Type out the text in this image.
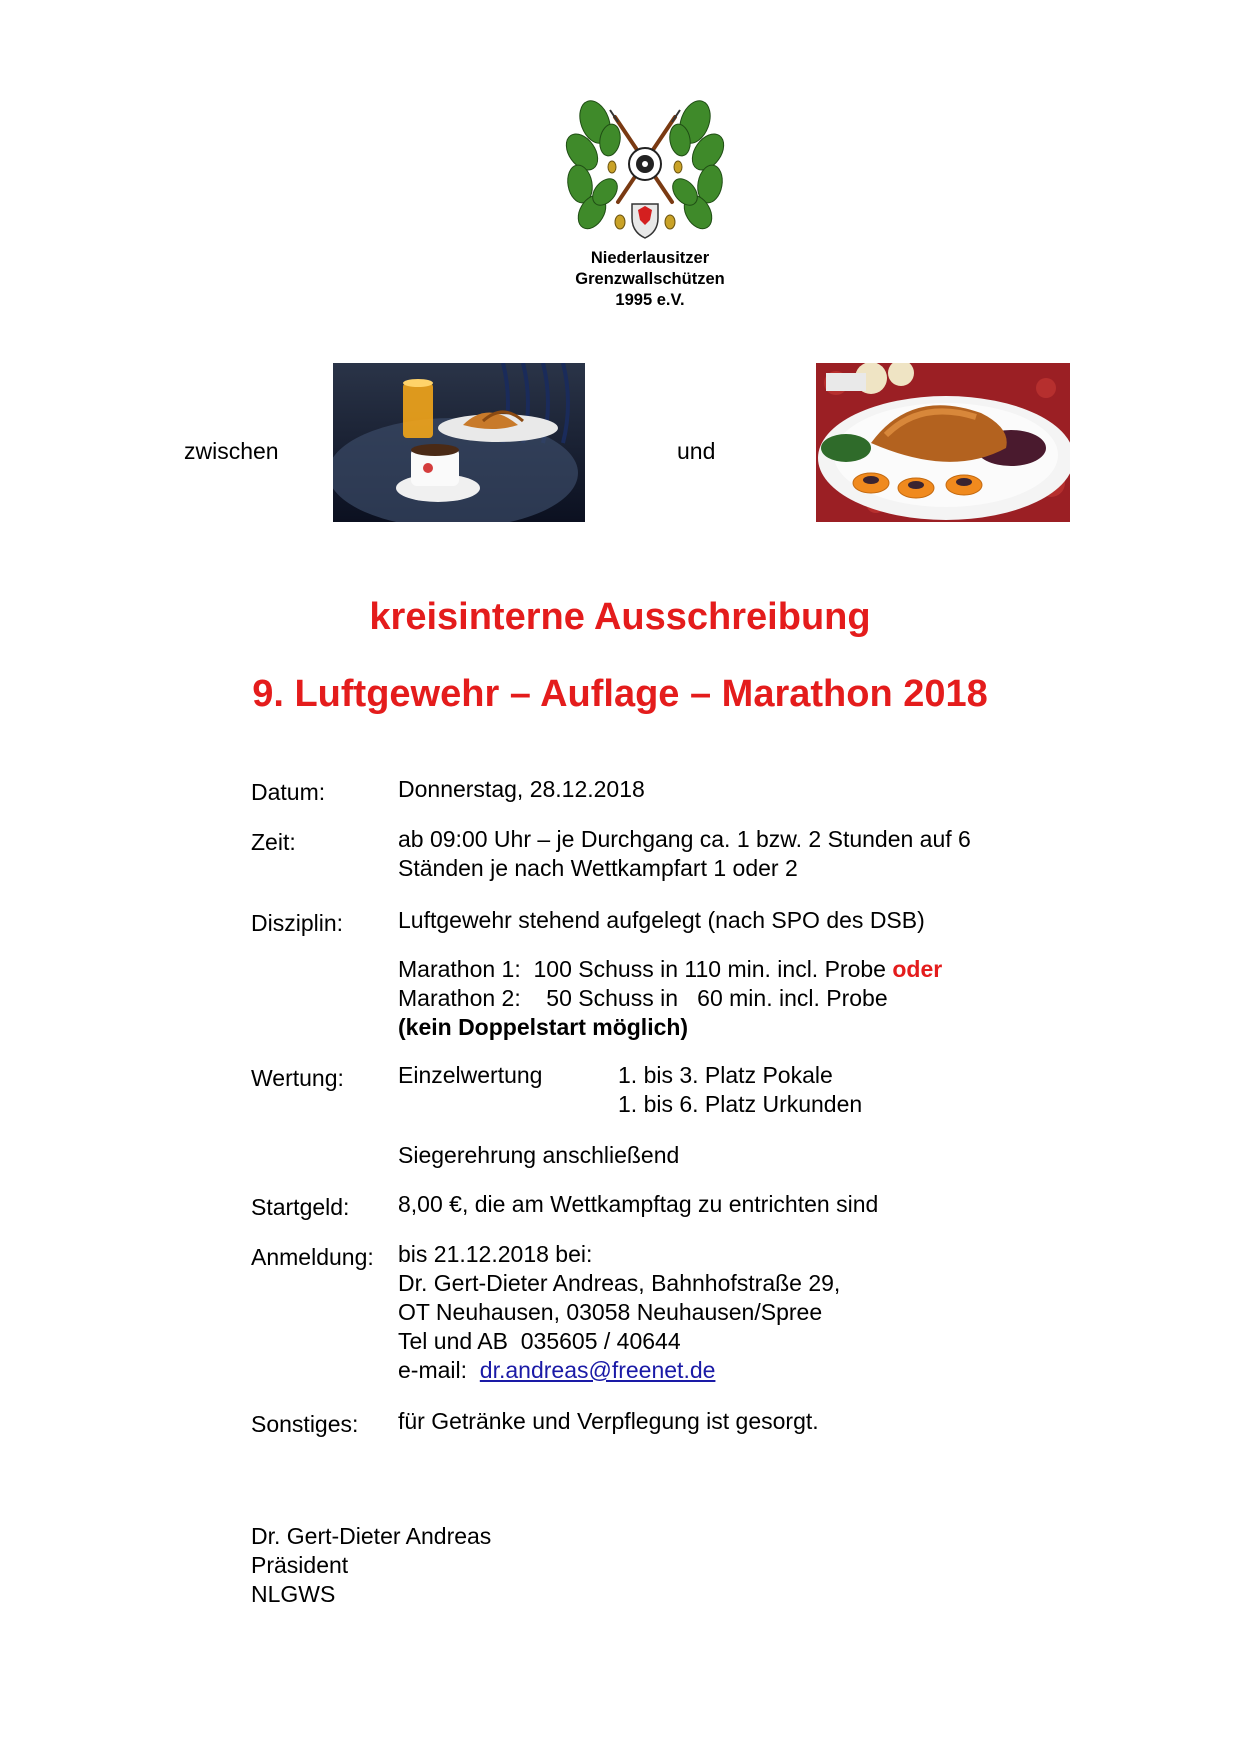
Niederlausitzer
Grenzwallschützen
1995 e.V.
zwischen	und
kreisinterne Ausschreibung
9. Luftgewehr – Auflage – Marathon 2018
Datum:	Donnerstag, 28.12.2018
Zeit:	ab 09:00 Uhr – je Durchgang ca. 1 bzw. 2 Stunden auf 6
Ständen je nach Wettkampfart 1 oder 2
Disziplin: Luftgewehr stehend aufgelegt (nach SPO des DSB)
Marathon 1:  100 Schuss in 110 min. incl. Probe oder
Marathon 2:    50 Schuss in   60 min. incl. Probe
(kein Doppelstart möglich)
Wertung: Einzelwertung	1. bis 3. Platz Pokale
1. bis 6. Platz Urkunden
Siegerehrung anschließend
Startgeld: 8,00 €, die am Wettkampftag zu entrichten sind
Anmeldung: bis 21.12.2018 bei:
Dr. Gert-Dieter Andreas, Bahnhofstraße 29,
OT Neuhausen, 03058 Neuhausen/Spree
Tel und AB  035605 / 40644
e-mail:  dr.andreas@freenet.de
Sonstiges: für Getränke und Verpflegung ist gesorgt.
Dr. Gert-Dieter Andreas
Präsident
NLGWS
